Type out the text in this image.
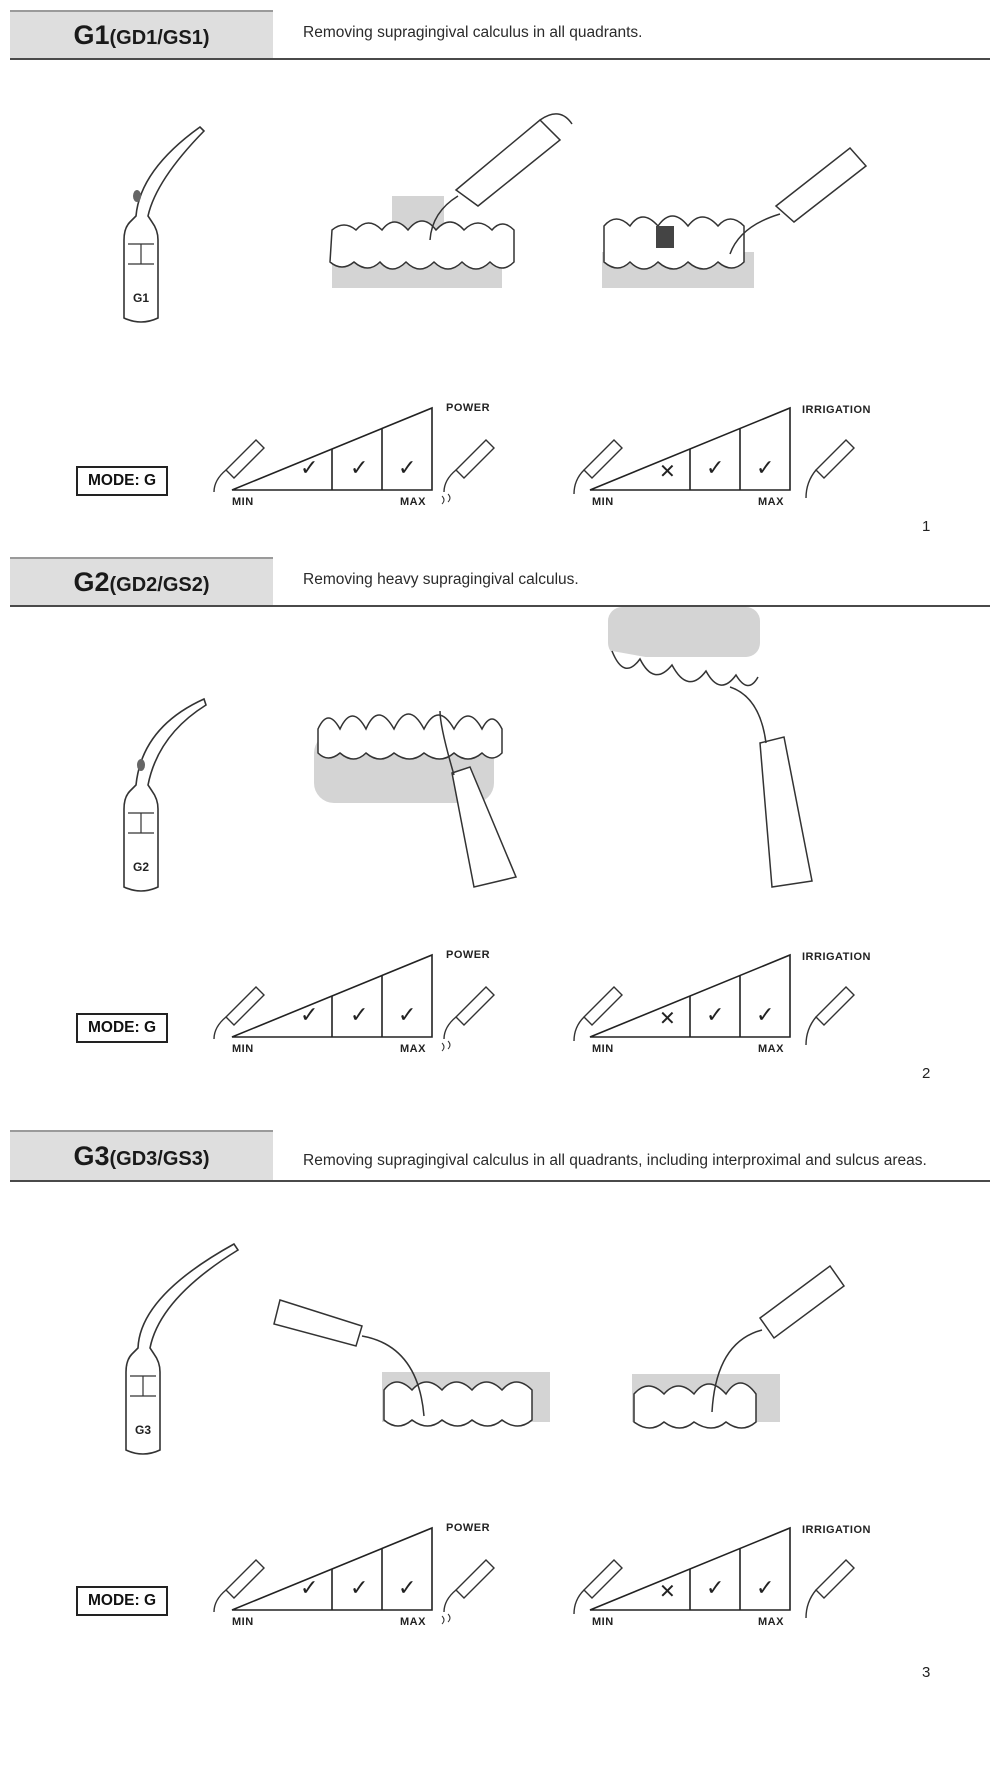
G1(GD1/GS1)	Removing supragingival calculus in all quadrants.
G1
✓ ✓ ✓	✕ ✓ ✓
MODE: G
POWER
MIN	MAX
IRRIGATION
MIN	MAX
1
G2(GD2/GS2)	Removing heavy supragingival calculus.
G2
✓ ✓ ✓	✕ ✓ ✓
MODE: G
POWER
MIN	MAX
IRRIGATION
MIN	MAX
2
G3(GD3/GS3)	Removing supragingival calculus in all quadrants, including interproximal and sulcus areas.
G3
✓ ✓ ✓	✕ ✓ ✓
MODE: G
POWER
MIN	MAX
IRRIGATION
MIN	MAX
3
